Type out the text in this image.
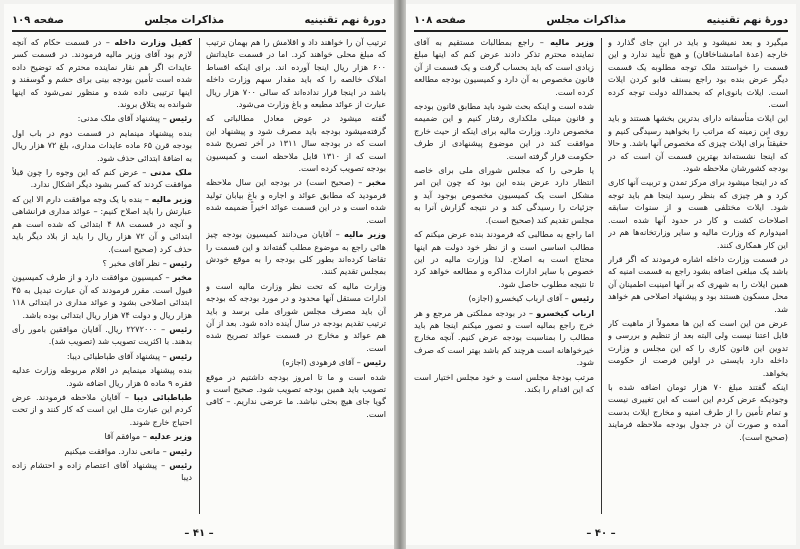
دورهٔ نهم تقنینیه
مذاکرات مجلس
صفحه ۱۰۹

ترتیب آن را خواهند داد و اقلامش را هم بهمان ترتیب که مبلغ محلی خواهند کرد. اما در قسمت عایداتش ۶۰۰ هزار ریال اینجا آورده اند. برای اینکه اقساط املاک خالصه را که باید مقدار سهم وزارت داخله باشد در اینجا قرار نداده‌اند که سالی ۷۰۰ هزار ریال عبارت از عوائد مطبعه و باغ وزارت می‌شود.

گفته میشود در عوض معادل مطالباتی که گرفته‌میشود بودجه باید مصرف شود و پیشنهاد این است که در بودجه سال ۱۳۱۱ در آخر تصریح شده است که از ۱۳۱۰ قابل ملاحظه است و کمیسیون بودجه تصویب کرده است.

مخبر – (صحیح است) در بودجه این سال ملاحظه فرمودید که مطابق عوائد و اجاره و باغ بیابان تولید شده است و در این قسمت عوائد اخیراً ضمیمه شده است.

وزیر مالیه – آقایان می‌دانند کمیسیون بودجه چیز هائی راجع به موضوع مطلب گفته‌اند و این قسمت را تقاضا کرده‌اند بطور کلی بودجه را به موقع خودش بمجلس تقدیم کنند.

وزارت مالیه که تحت نظر وزارت مالیه است و ادارات مستقل آنها محدود و در مورد بودجه که بودجه آن باید مصرف مجلس شورای ملی برسد و باید ترتیب تقدیم بودجه در سال آینده داده شود. بعد از آن هم عوائد و مخارج در قسمت عوائد تصریح شده است.

رئیس – آقای فرهودی (اجازه)

شده است و ما تا امروز بودجه داشتیم در موقع تصویب باید همین بودجه تصویب شود. صحیح است و گویا جای هیچ بحثی نباشد. ما عرضی نداریم. – کافی است.

کفیل وزارت داخله – در قسمت حکام که آنچه لازم بود آقای وزیر مالیه فرمودند. در قسمت کسر عایدات اگر هم نقار نماینده محترم که توضیح داده شده است تأمین بودجه بینی برای حشم و گوسفند و اینها ترتیبی داده شده و منظور نمی‌شود که اینها شوانده به یتلاق بروند.

رئیس – پیشنهاد آقای ملک مدنی:

بنده پیشنهاد مینمایم در قسمت دوم در باب اول بودجه قرن ۶۵ ماده عایدات مداری، بلغ ۷۲ هزار ریال به اضافهٔ ابتدائی حذف شود.

ملک مدنی – عرض کنم که این وجوه را چون قبلاً موافقت کردند که کسر بشود دیگر اشکال ندارد.

وزیر مالیه – بنده با یک وجه موافقت دارم الا این که عبارتش را باید اصلاح کنیم: – عوائد مداری فرانشاهی و آنچه در قسمت ۸۸ ۴ ابتدائی که شده است هم ابتدائی و آن ۷۲ هزار ریال را باید از بلاد دیگر باید حذف کرد (صحیح است).

رئیس – نظر آقای مخبر ؟

مخبر – کمیسیون موافقت دارد و از طرف کمیسیون قبول است. مقرر فرمودند که آن عبارت تبدیل به ۴۵ ابتدائی اصلاحی بشود و عوائد مداری در ابتدائی ۱۱۸ هزار ریال و دولت ۷۴ هزار ریال ابتدائی بوده باشد.

رئیس – ۲۲۷۲۰۰۰ ریال. آقایان موافقین بامور رأی بدهند. با اکثریت تصویب شد (تصویب شد).

رئیس – پیشنهاد آقای طباطبائی دیبا:

بنده پیشنهاد مینمایم در اقلام مربوطه وزارت عدلیه فقره ۹ ماده ۵ هزار ریال اضافه شود.

طباطبائی دیبا – آقایان ملاحظه فرمودند. عرض کردم این عبارت ملل این است که کار کنند و از تحت احتیاج خارج شوند.

وزیر عدلیه – موافقم آقا

رئیس – مانعی ندارد. موافقت میکنیم

رئیس – پیشنهاد آقای اعتصام زاده و احتشام زاده دیبا

– ۴۱ –
دورهٔ نهم تقنینیه
مذاکرات مجلس
صفحه ۱۰۸

میگیرد و بعد نمیشود و باید در این جای گذارد و خارجه (عدهٔ امامشناخاقان) و هیچ تأیید ندارد و این قسمت را خواستند ملک توجه مطلوبه یک قسمت دیگر عرض بنده بود راجع بسنف قابو کردن ایلات است. ایلات بانوی‌ام که بحمدالله دولت توجه کرده است.

این ایلات متأسفانه دارای بدترین بخشها هستند و باید روی این زمینه که مراتب را بخواهید رسیدگی کنیم و حقیقتاً برای ایلات چیزی که مخصوص آنها باشد. و حالا که اینجا نشسته‌اند بهترین قسمت آن است که در بودجه کشورشان ملاحظه شود.

که در اینجا میشود برای مرکز تمدن و تربیت آنها کاری کرد و هر چیزی که بنظر رسید اینجا هم باید توجه شود. ایلات مختلفی هست و از سنوات سابقه اصلاحات کشت و کار در حدود آنها شده است. امیدوارم که وزارت مالیه و سایر وزارتخانه‌ها هم در این کار همکاری کنند.

در قسمت وزارت داخله اشاره فرمودند که اگر قرار باشد یک مبلغی اضافه بشود راجع به قسمت امنیه که همین ایلات را به شهری که بر آنها امینیت اطمینان آن محل مسکون هستند بود و پیشنهاد اصلاحی هم خواهد شد.

عرض من این است که این ها معمولاً از ماهیت کار قابل اعتنا نیست ولی البته بعد از تنظیم و بررسی و تدوین این قانون کاری را که این مجلس و وزارت داخله دارد بایستی در اولین فرصت از حکومت بخواهد.

اینکه گفتند مبلغ ۷۰ هزار تومان اضافه شده با وجودیکه عرض کردم این است که این تغییری نیست و تمام تأمین را از طرف امنیه و مخارج ایلات بدست آمده و صورت آن در جدول بودجه ملاحظه فرمایند (صحیح است).

وزیر مالیه – راجع بمطالبات مستقیم به آقای نماینده محترم تذکر دادند عرض کنم که اینها مبلغ زیادی است که باید بحساب گرفت و یک قسمت از آن قانون مخصوص به آن دارد و کمیسیون بودجه مطالعه کرده است.

شده است و اینکه بحث شود باید مطابق قانون بودجه و قانون مبتلی ملکداری رفتار کنیم و این ضمیمه مخصوص دارد. وزارت مالیه برای اینکه از حیث خارج موافقت کند در این موضوع پیشنهادی از طرف حکومت قرار گرفته است.

یا طرحی را که مجلس شورای ملی برای خاصه انتظار دارد عرض بنده این بود که چون این امر مشکل است یک کمیسیون مخصوص بوجود آید و جزئیات را رسیدگی کند و در نتیجه گزارش آنرا به مجلس تقدیم کند (صحیح است).

اما راجع به مطالبی که فرمودند بنده عرض میکنم که مطالب اساسی است و از نظر خود دولت هم اینها محتاج است به اصلاح. لذا وزارت مالیه در این خصوص با سایر ادارات مذاکره و مطالعه خواهد کرد تا نتیجه مطلوب حاصل شود.

رئیس – آقای ارباب کیخسرو (اجازه)

ارباب کیخسرو – در بودجه مملکتی هر مرجع و هر خرج راجع بمالیه است و تصور میکنم اینجا هم باید مطالب را بمناسبت بودجه عرض کنیم. آنچه مخارج خیرخواهانه است هرچند کم باشد بهتر است که صرف شود.

مرتب بودجهٔ مجلس است و خود مجلس اختیار است که این اقدام را بکند.

– ۴۰ –
